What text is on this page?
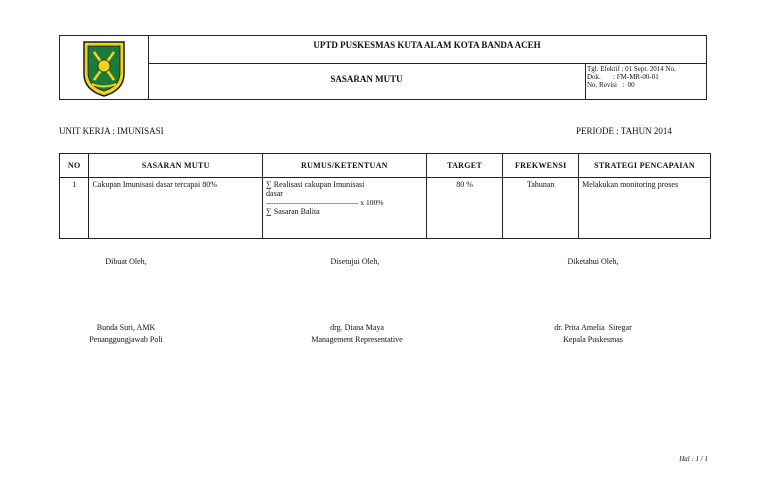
UPTD PUSKESMAS KUTA ALAM KOTA BANDA ACEH
SASARAN MUTU
Tgl. Efektif : 01 Sept. 2014 No.
Dok.       : FM-MR-00-01
No. Revisi   :  00
UNIT KERJA : IMUNISASI	PERIODE : TAHUN 2014
NO	SASARAN MUTU	RUMUS/KETENTUAN	TARGET	FREKWENSI	STRATEGI PENCAPAIAN
1	Cakupan Imunisasi dasar tercapai 80%	∑ Realisasi cakupan Imunisasi
dasar
------------------------------------- x 100%
∑ Sasaran Balita	80 %	Tahunan	Melakukan monitoring proses
Dibuat Oleh,	Disetujui Oleh,	Diketahui Oleh,
Bunda Suri, AMK
Penanggungjawab Poli
drg. Diana Maya
Management Representative
dr. Prita Amelia  Siregar
Kepala Puskesmas
Hal : 1 / 1
